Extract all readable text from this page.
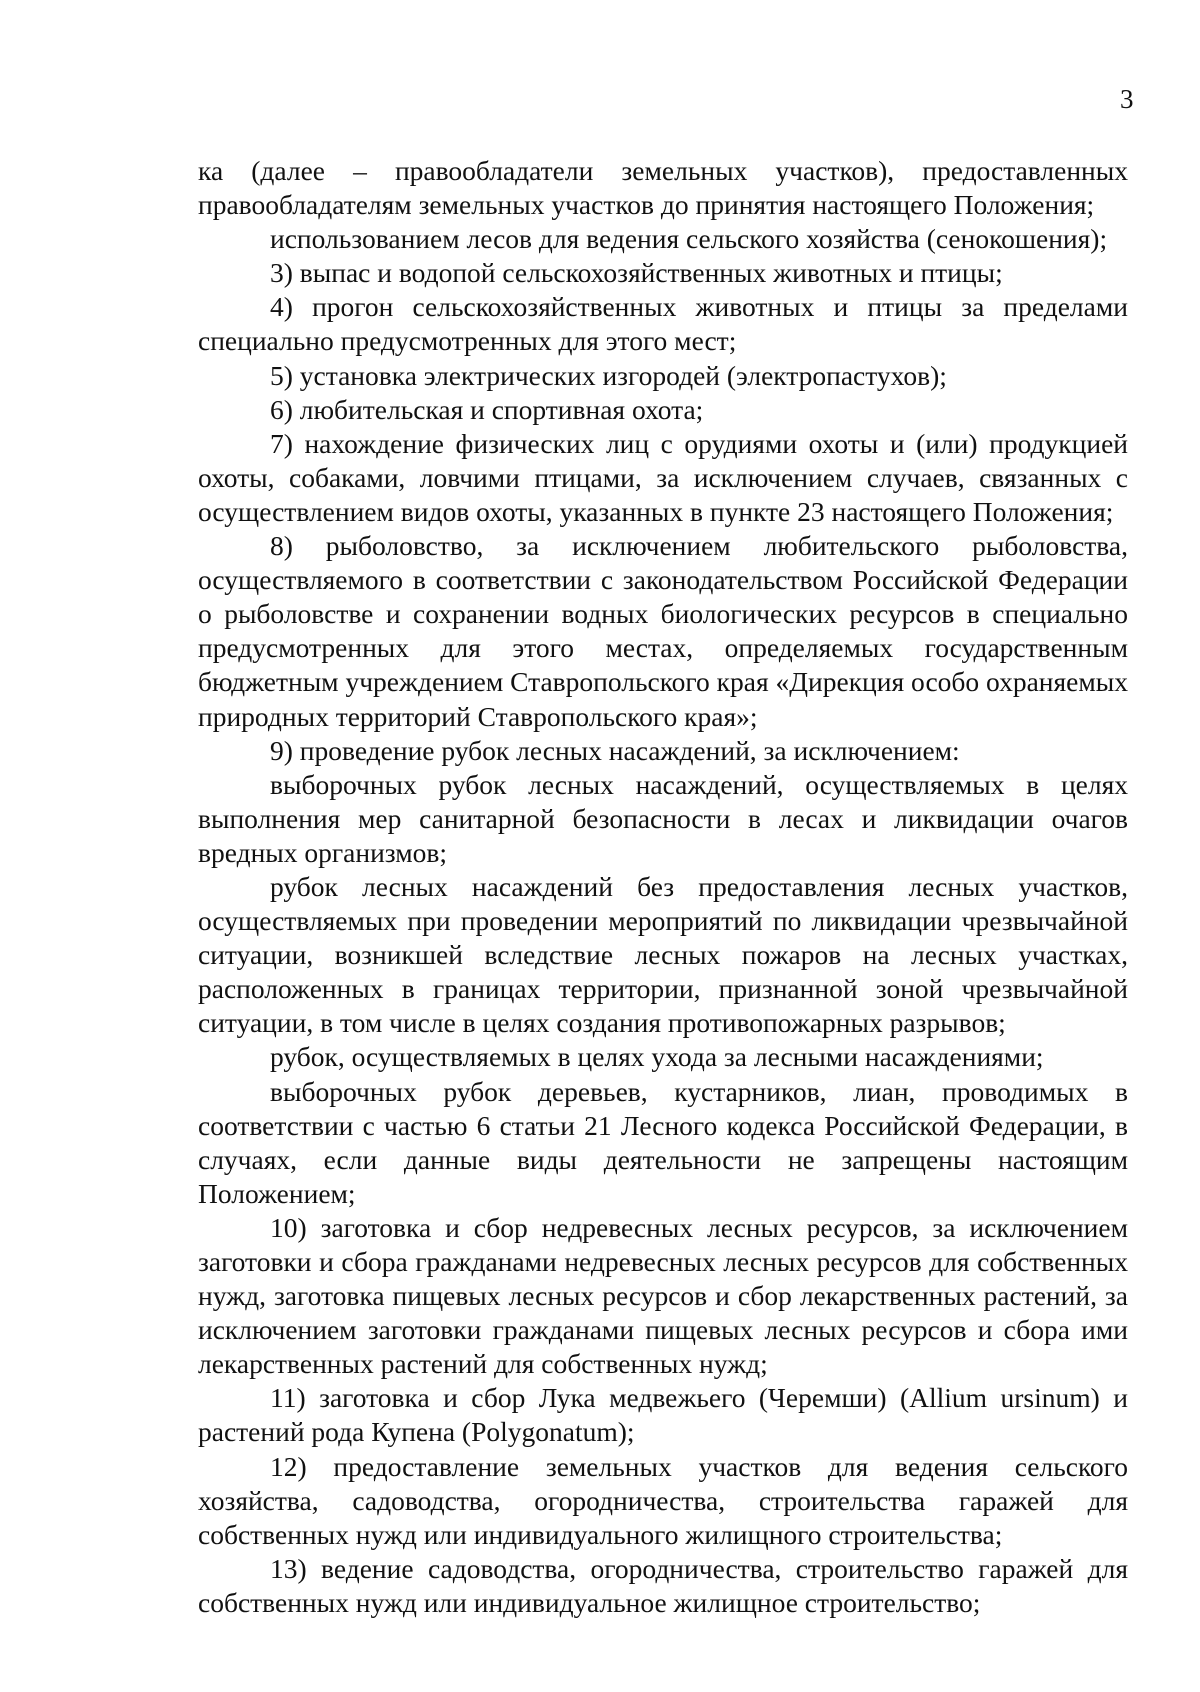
3

ка (далее – правообладатели земельных участков), предоставленных правообладателям земельных участков до принятия настоящего Положения;

использованием лесов для ведения сельского хозяйства (сенокошения);

3) выпас и водопой сельскохозяйственных животных и птицы;

4) прогон сельскохозяйственных животных и птицы за пределами специально предусмотренных для этого мест;

5) установка электрических изгородей (электропастухов);

6) любительская и спортивная охота;

7) нахождение физических лиц с орудиями охоты и (или) продукцией охоты, собаками, ловчими птицами, за исключением случаев, связанных с осуществлением видов охоты, указанных в пункте 23 настоящего Положения;

8) рыболовство, за исключением любительского рыболовства, осуществляемого в соответствии с законодательством Российской Федерации о рыболовстве и сохранении водных биологических ресурсов в специально предусмотренных для этого местах, определяемых государственным бюджетным учреждением Ставропольского края «Дирекция особо охраняемых природных территорий Ставропольского края»;

9) проведение рубок лесных насаждений, за исключением:

выборочных рубок лесных насаждений, осуществляемых в целях выполнения мер санитарной безопасности в лесах и ликвидации очагов вредных организмов;

рубок лесных насаждений без предоставления лесных участков, осуществляемых при проведении мероприятий по ликвидации чрезвычайной ситуации, возникшей вследствие лесных пожаров на лесных участках, расположенных в границах территории, признанной зоной чрезвычайной ситуации, в том числе в целях создания противопожарных разрывов;

рубок, осуществляемых в целях ухода за лесными насаждениями;

выборочных рубок деревьев, кустарников, лиан, проводимых в соответствии с частью 6 статьи 21 Лесного кодекса Российской Федерации, в случаях, если данные виды деятельности не запрещены настоящим Положением;

10) заготовка и сбор недревесных лесных ресурсов, за исключением заготовки и сбора гражданами недревесных лесных ресурсов для собственных нужд, заготовка пищевых лесных ресурсов и сбор лекарственных растений, за исключением заготовки гражданами пищевых лесных ресурсов и сбора ими лекарственных растений для собственных нужд;

11) заготовка и сбор Лука медвежьего (Черемши) (Allium ursinum) и растений рода Купена (Polygonatum);

12) предоставление земельных участков для ведения сельского хозяйства, садоводства, огородничества, строительства гаражей для собственных нужд или индивидуального жилищного строительства;

13) ведение садоводства, огородничества, строительство гаражей для собственных нужд или индивидуальное жилищное строительство;
